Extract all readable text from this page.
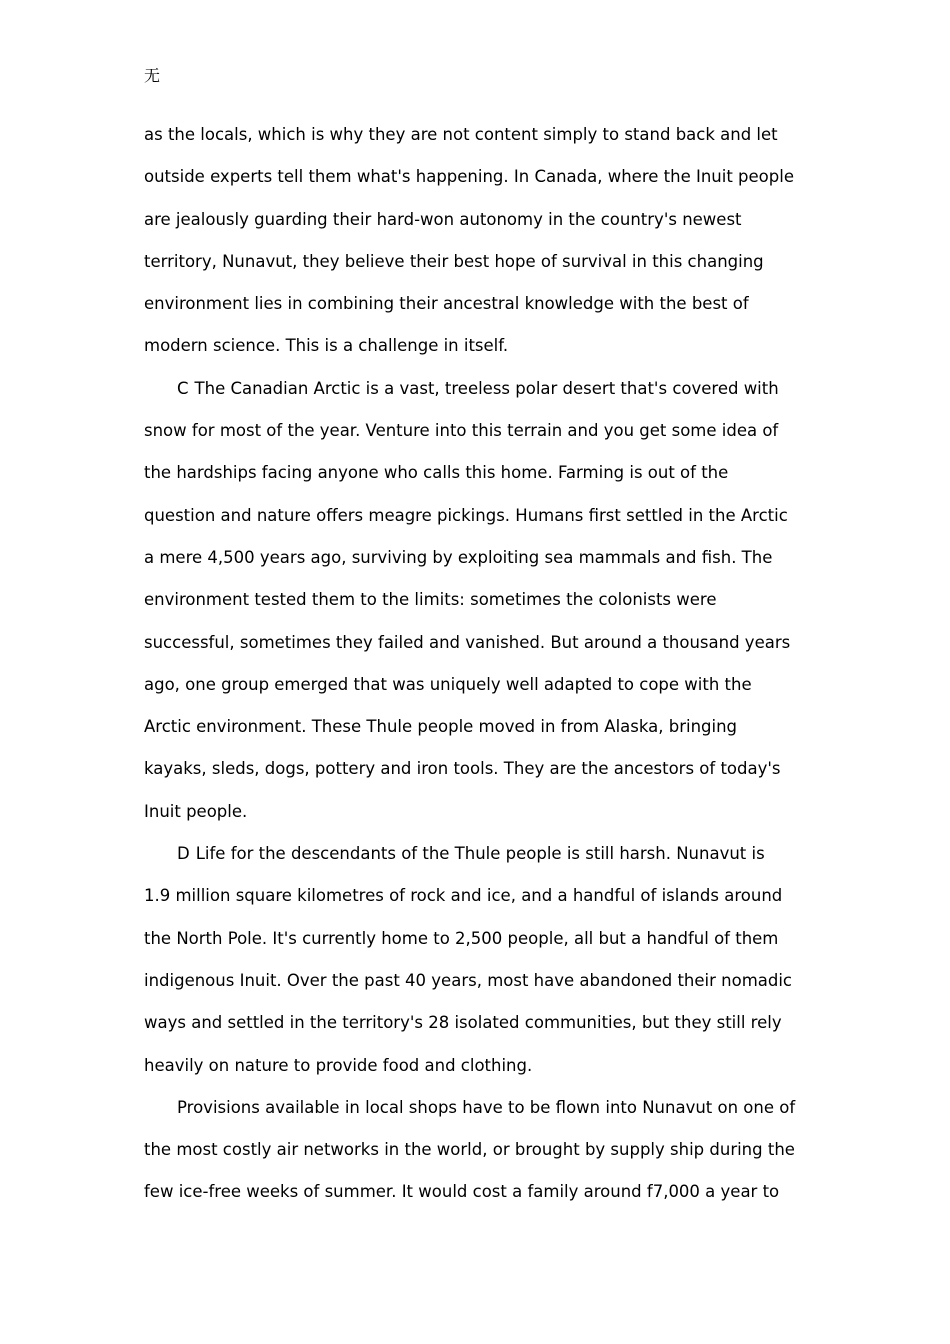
无
as the locals, which is why they are not content simply to stand back and let
outside experts tell them what's happening. In Canada, where the Inuit people
are jealously guarding their hard-won autonomy in the country's newest
territory, Nunavut, they believe their best hope of survival in this changing
environment lies in combining their ancestral knowledge with the best of
modern science. This is a challenge in itself.
C The Canadian Arctic is a vast, treeless polar desert that's covered with
snow for most of the year. Venture into this terrain and you get some idea of
the hardships facing anyone who calls this home. Farming is out of the
question and nature offers meagre pickings. Humans first settled in the Arctic
a mere 4,500 years ago, surviving by exploiting sea mammals and fish. The
environment tested them to the limits: sometimes the colonists were
successful, sometimes they failed and vanished. But around a thousand years
ago, one group emerged that was uniquely well adapted to cope with the
Arctic environment. These Thule people moved in from Alaska, bringing
kayaks, sleds, dogs, pottery and iron tools. They are the ancestors of today's
Inuit people.
D Life for the descendants of the Thule people is still harsh. Nunavut is
1.9 million square kilometres of rock and ice, and a handful of islands around
the North Pole. It's currently home to 2,500 people, all but a handful of them
indigenous Inuit. Over the past 40 years, most have abandoned their nomadic
ways and settled in the territory's 28 isolated communities, but they still rely
heavily on nature to provide food and clothing.
Provisions available in local shops have to be flown into Nunavut on one of
the most costly air networks in the world, or brought by supply ship during the
few ice-free weeks of summer. It would cost a family around f7,000 a year to
